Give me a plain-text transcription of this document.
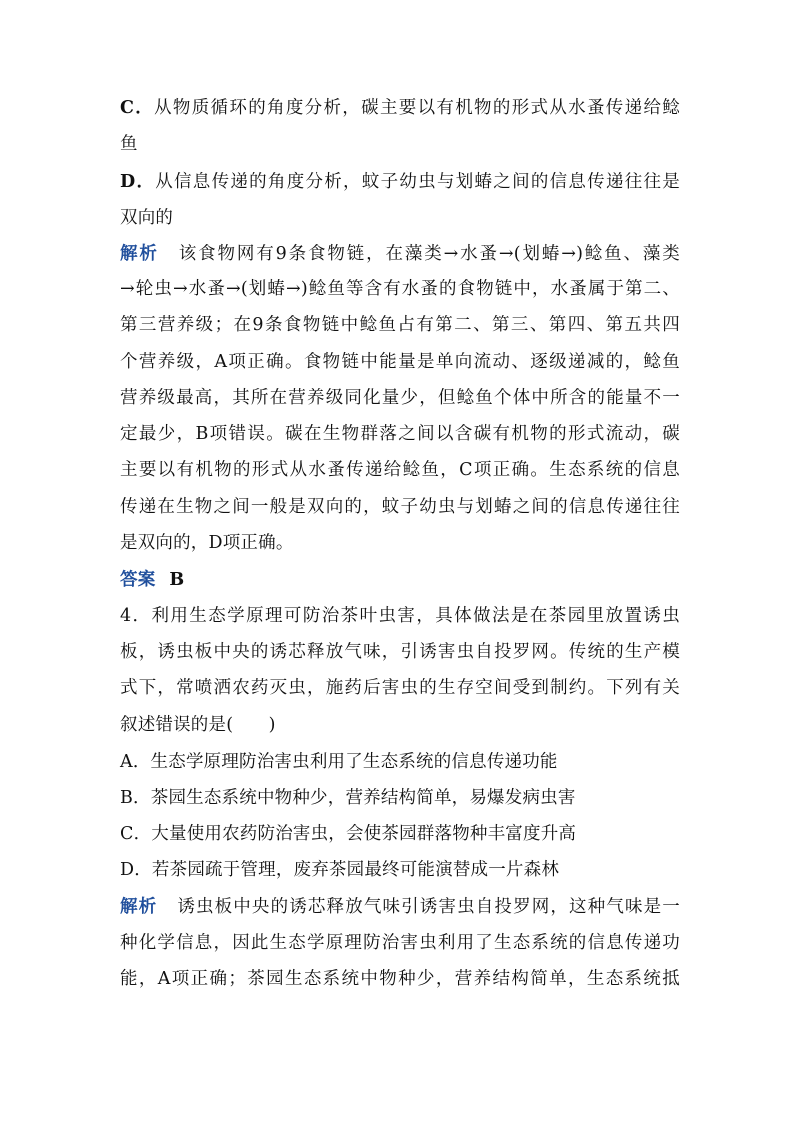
C．从物质循环的角度分析，碳主要以有机物的形式从水蚤传递给鲶
鱼
D．从信息传递的角度分析，蚊子幼虫与划蝽之间的信息传递往往是
双向的
解析 该食物网有9条食物链，在藻类→水蚤→(划蝽→)鲶鱼、藻类
→轮虫→水蚤→(划蝽→)鲶鱼等含有水蚤的食物链中，水蚤属于第二、
第三营养级；在9条食物链中鲶鱼占有第二、第三、第四、第五共四
个营养级，A项正确。食物链中能量是单向流动、逐级递减的，鲶鱼
营养级最高，其所在营养级同化量少，但鲶鱼个体中所含的能量不一
定最少，B项错误。碳在生物群落之间以含碳有机物的形式流动，碳
主要以有机物的形式从水蚤传递给鲶鱼，C项正确。生态系统的信息
传递在生物之间一般是双向的，蚊子幼虫与划蝽之间的信息传递往往
是双向的，D项正确。
答案 B
4．利用生态学原理可防治茶叶虫害，具体做法是在茶园里放置诱虫
板，诱虫板中央的诱芯释放气味，引诱害虫自投罗网。传统的生产模
式下，常喷洒农药灭虫，施药后害虫的生存空间受到制约。下列有关
叙述错误的是(　　)
A．生态学原理防治害虫利用了生态系统的信息传递功能
B．茶园生态系统中物种少，营养结构简单，易爆发病虫害
C．大量使用农药防治害虫，会使茶园群落物种丰富度升高
D．若茶园疏于管理，废弃茶园最终可能演替成一片森林
解析 诱虫板中央的诱芯释放气味引诱害虫自投罗网，这种气味是一
种化学信息，因此生态学原理防治害虫利用了生态系统的信息传递功
能，A项正确；茶园生态系统中物种少，营养结构简单，生态系统抵
